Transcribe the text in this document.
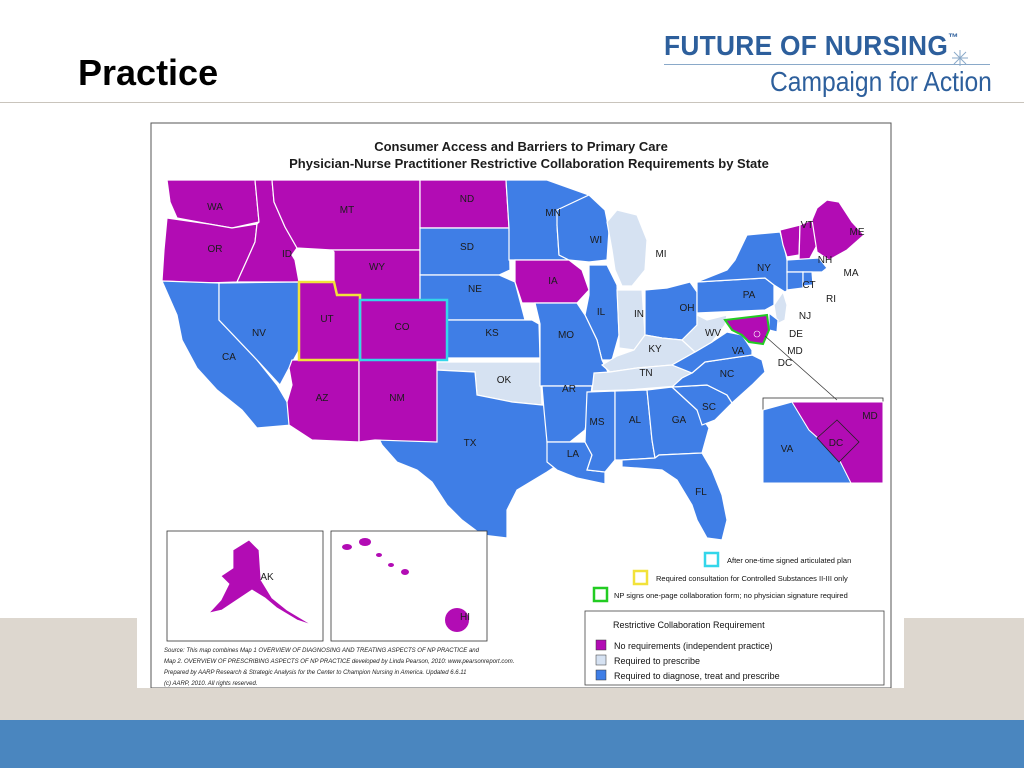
Practice
FUTURE OF NURSING™
Campaign for Action
Consumer Access and Barriers to Primary Care
Physician-Nurse Practitioner Restrictive Collaboration Requirements by State
MD
DC
VA
WA
OR	ID
MT
WY
ND
SD
NE
KS
OK
TX
CA
NV
UT
CO
AZ	NM
MN
WI
IA
IL
MO
AR
LA
MS AL
TN
KY
IN
MI
OH
GA
FL
SC
NC
VA
WV
PA
NY
VT
NH
ME
MA
CT
RI
NJ
DE
MD
DC
AK
HI
After one-time signed articulated plan
Required consultation for Controlled Substances II-III only
NP signs one-page collaboration form; no physician signature required
Restrictive Collaboration Requirement
No requirements (independent practice)
Required to prescribe
Required to diagnose, treat and prescribe
Source: This map combines Map 1 OVERVIEW OF DIAGNOSING AND TREATING ASPECTS OF NP PRACTICE and
Map 2. OVERVIEW OF PRESCRIBING ASPECTS OF NP PRACTICE developed by Linda Pearson, 2010: www.pearsonreport.com.
Prepared by AARP Research & Strategic Analysis for the Center to Champion Nursing in America. Updated 6.6.11
(c) AARP, 2010. All rights reserved.
